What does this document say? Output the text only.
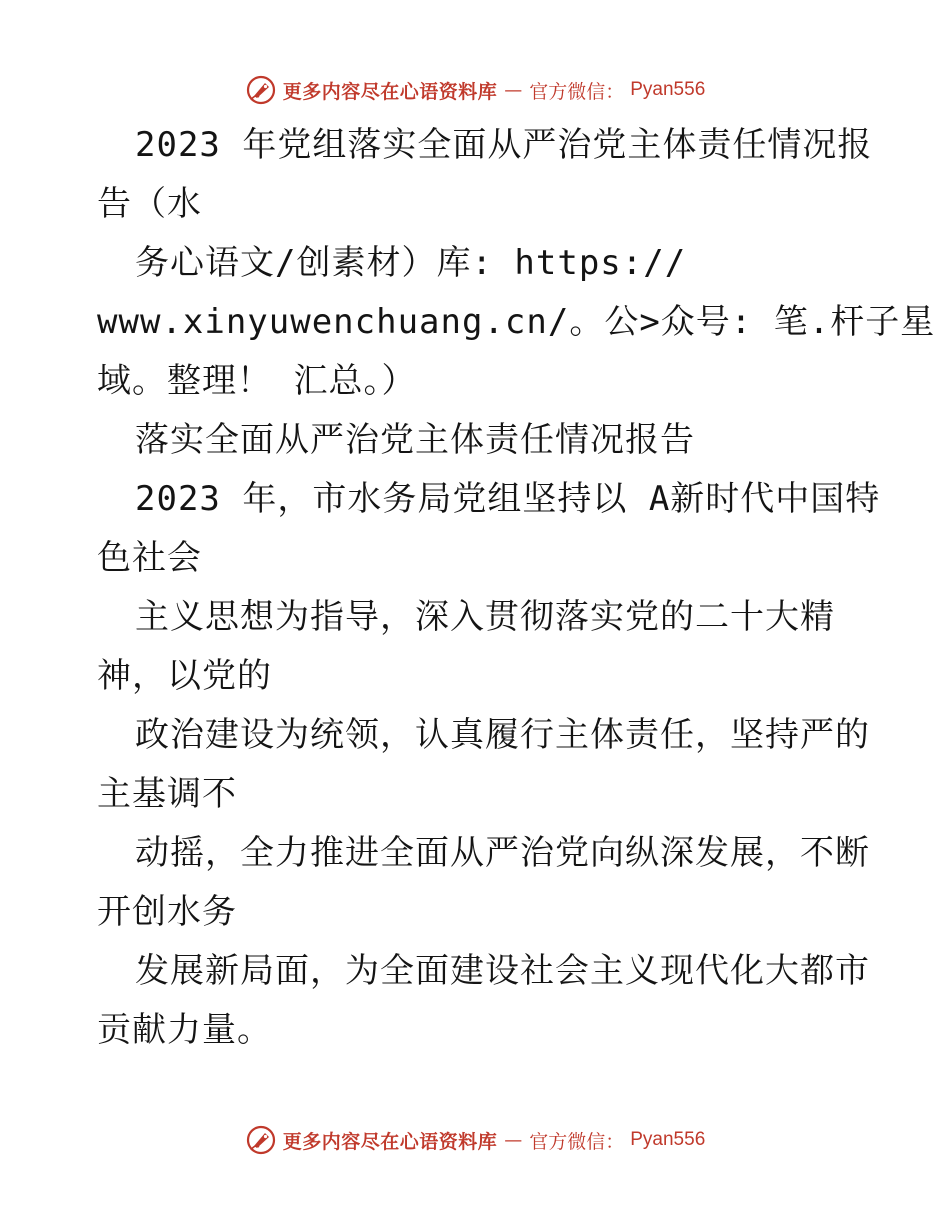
更多内容尽在心语资料库 — 官方微信： Pyan556
2023 年党组落实全面从严治党主体责任情况报
告（水
务心语文/创素材）库: https://
www.xinyuwenchuang.cn/。公>众号: 笔.杆子星
域。整理！ 汇总。）
落实全面从严治党主体责任情况报告
2023 年，市水务局党组坚持以 A新时代中国特
色社会
主义思想为指导，深入贯彻落实党的二十大精
神，以党的
政治建设为统领，认真履行主体责任，坚持严的
主基调不
动摇，全力推进全面从严治党向纵深发展，不断
开创水务
发展新局面，为全面建设社会主义现代化大都市
贡献力量。
更多内容尽在心语资料库 — 官方微信： Pyan556
